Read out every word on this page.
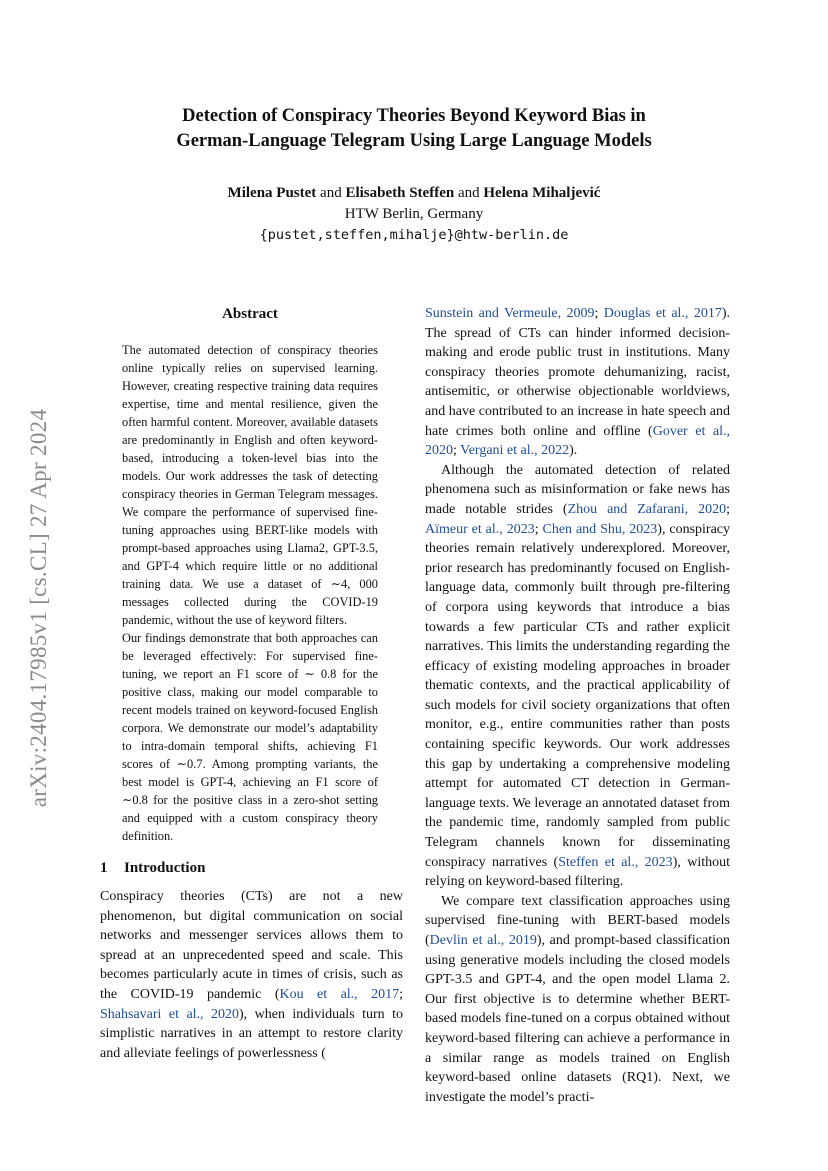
arXiv:2404.17985v1 [cs.CL] 27 Apr 2024
Detection of Conspiracy Theories Beyond Keyword Bias in
German-Language Telegram Using Large Language Models
Milena Pustet and Elisabeth Steffen and Helena Mihaljević
HTW Berlin, Germany
{pustet,steffen,mihalje}@htw-berlin.de
Abstract

The automated detection of conspiracy theories online typically relies on supervised learning. However, creating respective training data requires expertise, time and mental resilience, given the often harmful content. Moreover, available datasets are predominantly in English and often keyword-based, introducing a token-level bias into the models. Our work addresses the task of detecting conspiracy theories in German Telegram messages. We compare the performance of supervised fine-tuning approaches using BERT-like models with prompt-based approaches using Llama2, GPT-3.5, and GPT-4 which require little or no additional training data. We use a dataset of ∼4, 000 messages collected during the COVID-19 pandemic, without the use of keyword filters.

Our findings demonstrate that both approaches can be leveraged effectively: For supervised fine-tuning, we report an F1 score of ∼ 0.8 for the positive class, making our model comparable to recent models trained on keyword-focused English corpora. We demonstrate our model’s adaptability to intra-domain temporal shifts, achieving F1 scores of ∼0.7. Among prompting variants, the best model is GPT-4, achieving an F1 score of ∼0.8 for the positive class in a zero-shot setting and equipped with a custom conspiracy theory definition.

1 Introduction

Conspiracy theories (CTs) are not a new phenomenon, but digital communication on social networks and messenger services allows them to spread at an unprecedented speed and scale. This becomes particularly acute in times of crisis, such as the COVID-19 pandemic (Kou et al., 2017; Shahsavari et al., 2020), when individuals turn to simplistic narratives in an attempt to restore clarity and alleviate feelings of powerlessness (

Sunstein and Vermeule, 2009; Douglas et al., 2017). The spread of CTs can hinder informed decision-making and erode public trust in institutions. Many conspiracy theories promote dehumanizing, racist, antisemitic, or otherwise objectionable worldviews, and have contributed to an increase in hate speech and hate crimes both online and offline (Gover et al., 2020; Vergani et al., 2022).

Although the automated detection of related phenomena such as misinformation or fake news has made notable strides (Zhou and Zafarani, 2020; Aïmeur et al., 2023; Chen and Shu, 2023), conspiracy theories remain relatively underexplored. Moreover, prior research has predominantly focused on English-language data, commonly built through pre-filtering of corpora using keywords that introduce a bias towards a few particular CTs and rather explicit narratives. This limits the understanding regarding the efficacy of existing modeling approaches in broader thematic contexts, and the practical applicability of such models for civil society organizations that often monitor, e.g., entire communities rather than posts containing specific keywords. Our work addresses this gap by undertaking a comprehensive modeling attempt for automated CT detection in German-language texts. We leverage an annotated dataset from the pandemic time, randomly sampled from public Telegram channels known for disseminating conspiracy narratives (Steffen et al., 2023), without relying on keyword-based filtering.

We compare text classification approaches using supervised fine-tuning with BERT-based models (Devlin et al., 2019), and prompt-based classification using generative models including the closed models GPT-3.5 and GPT-4, and the open model Llama 2. Our first objective is to determine whether BERT-based models fine-tuned on a corpus obtained without keyword-based filtering can achieve a performance in a similar range as models trained on English keyword-based online datasets (RQ1). Next, we investigate the model’s practi-
